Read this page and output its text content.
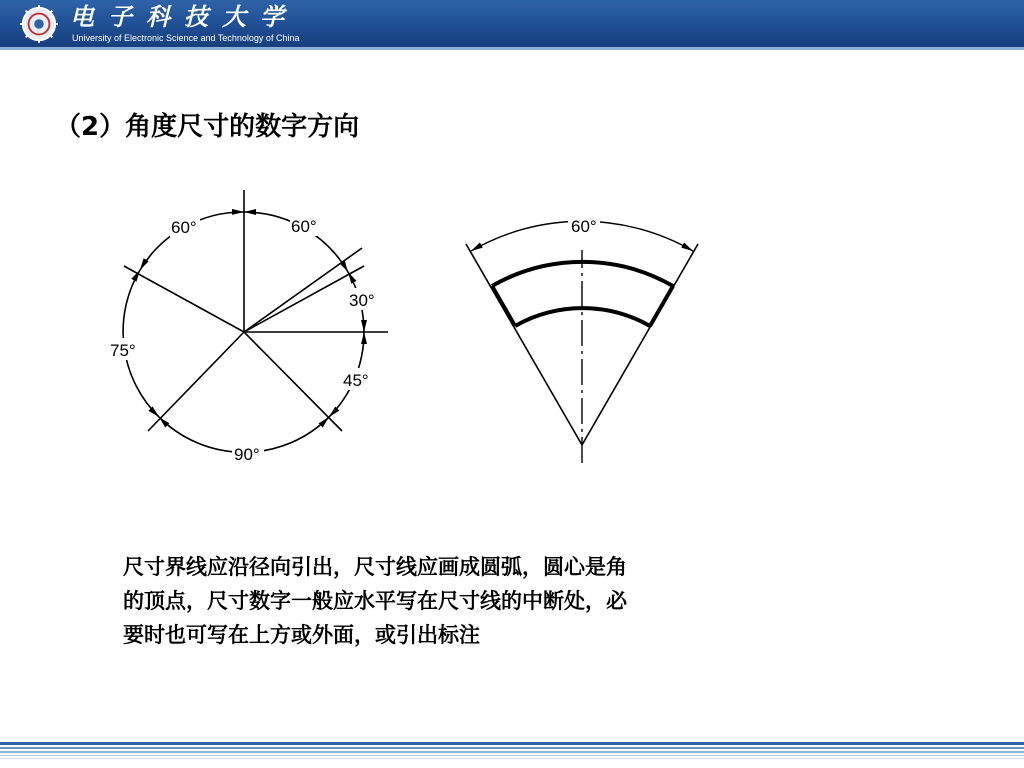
电子科技大学
University of Electronic Science and Technology of China
（2）角度尺寸的数字方向
60°	60°
30°
45°
90°
75°
60°
尺寸界线应沿径向引出，尺寸线应画成圆弧，圆心是角
的顶点，尺寸数字一般应水平写在尺寸线的中断处，必
要时也可写在上方或外面，或引出标注
